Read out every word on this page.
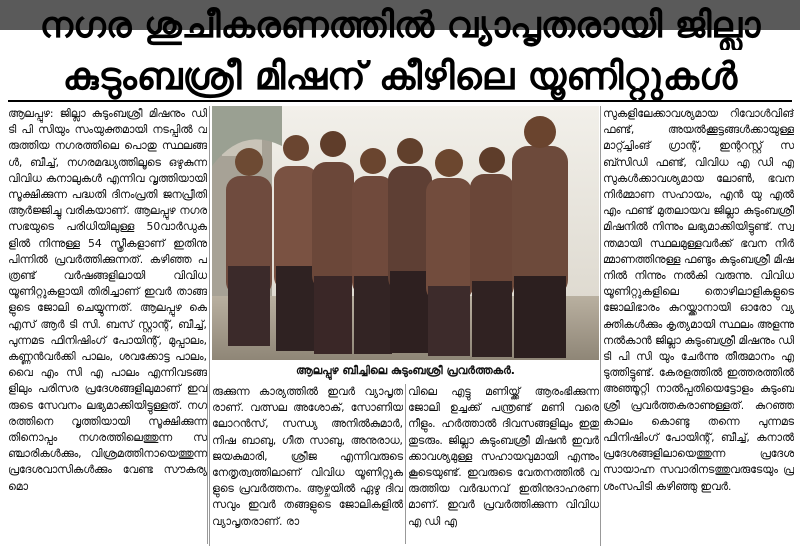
നഗര ശുചീകരണത്തിൽ വ്യാപൃതരായി ജില്ലാ
കുടുംബശ്രീ മിഷന് കീഴിലെ യൂണിറ്റുകൾ

ആലപ്പുഴ: ജില്ലാ കുടുംബശ്രീ മിഷനും ഡി ടി പി സിയും സംയുക്തമായി നടപ്പിൽ വരുത്തിയ നഗരത്തിലെ പൊതു സ്ഥലങ്ങൾ, ബീച്ച്, നഗരമദ്ധ്യത്തിലൂടെ ഒഴുകുന്ന വിവിധ കനാലുകൾ എന്നിവ വൃത്തിയായി സൂക്ഷിക്കുന്ന പദ്ധതി ദിനംപ്രതി ജനപ്രീതി ആർജ്ജിച്ചു വരികയാണ്. ആലപ്പുഴ നഗരസഭയുടെ പരിധിയിലുള്ള 50വാർഡുകളിൽ നിന്നുള്ള 54 സ്ത്രീകളാണ് ഇതിനു പിന്നിൽ പ്രവർത്തിക്കുന്നത്. കഴിഞ്ഞ പത്രണ്ട് വർഷങ്ങളിലായി വിവിധ യൂണിറ്റുകളായി തിരിച്ചാണ് ഇവർ താങ്ങളുടെ ജോലി ചെയ്യുന്നത്. ആലപ്പുഴ കെ എസ് ആർ ടി സി. ബസ് സ്റ്റാന്റ്, ബീച്ച്, പുന്നമട ഫിനിഷിംഗ് പോയിന്റ്, മുപ്പാലം, കണ്ണൻവർക്കി പാലം, ശവക്കോട്ട പാലം, വൈ എം സി എ പാലം എന്നിവടങ്ങളിലും പരിസര പ്രദേശങ്ങളിലുമാണ് ഇവരുടെ സേവനം ലഭ്യമാക്കിയിട്ടുള്ളത്. നഗരത്തിനെ വൃത്തിയായി സൂക്ഷിക്കുന്നതിനൊപ്പം നഗരത്തിലെത്തുന്ന സഞ്ചാരികൾക്കും, വിശ്രമത്തിനായെത്തുന്ന പ്രദേശവാസികൾക്കും വേണ്ട സൗകര്യമൊ

ആലപ്പുഴ ബീച്ചിലെ കുടുംബശ്രീ പ്രവർത്തകർ.

രുക്കുന്ന കാര്യത്തിൽ ഇവർ വ്യാപൃതരാണ്. വത്സല അശോക്, സോണിയ ലോറൻസ്, സന്ധ്യ അനിൽകുമാർ, നിഷ ബാബു, ഗീത സാബു, അനുരാധ, ജയകുമാരി, ശ്രീജ എന്നിവരുടെ നേതൃത്വത്തിലാണ് വിവിധ യൂണിറ്റുകളുടെ പ്രവർത്തനം. ആഴ്ചയിൽ ഏഴു ദിവസവും ഇവർ തങ്ങളുടെ ജോലികളിൽ വ്യാപൃതരാണ്. രാ

വിലെ എട്ടു മണിയ്ക്ക് ആരംഭിക്കുന്ന ജോലി ഉച്ചക്ക് പന്ത്രണ്ട് മണി വരെ നീളും. ഹർത്താൽ ദിവസങ്ങളിലും ഇതു തുടരും. ജില്ലാ കുടുംബശ്രീ മിഷൻ ഇവർക്കാവശ്യമുള്ള സഹായവുമായി എന്നും കൂടെയുണ്ട്. ഇവരുടെ വേതനത്തിൽ വരുത്തിയ വർദ്ധനവ് ഇതിനുദാഹരണമാണ്. ഇവർ പ്രവർത്തിക്കുന്ന വിവിധ എ ഡി എ

സുകളിലേക്കാവശ്യമായ റിവോൾവിങ് ഫണ്ട്, അയൽക്കൂട്ടങ്ങൾക്കായുള്ള മാറ്റ്ച്ചിംങ് ഗ്രാന്റ്, ഇന്ററസ്റ്റ് സബ്സിഡി ഫണ്ട്, വിവിധ എ ഡി എസുകൾക്കാവശ്യമായ ലോൺ, ഭവന നിർമ്മാണ സഹായം, എൻ യു എൽ എം ഫണ്ട് മുതലായവ ജില്ലാ കുടുംബശ്രീ മിഷനിൽ നിന്നും ലഭ്യമാക്കിയിട്ടുണ്ട്. സ്വന്തമായി സ്ഥലമുള്ളവർക്ക് ഭവന നിർമ്മാണത്തിനുള്ള ഫണ്ടും കുടുംബശ്രീ മിഷനിൽ നിന്നും നൽകി വരുന്നു. വിവിധ യൂണിറ്റുകളിലെ തൊഴിലാളികളുടെ ജോലിഭാരം കുറയ്ക്കാനായി ഓരോ വ്യക്തികൾക്കും കൃത്യമായി സ്ഥലം അളന്നു നൽകാൻ ജില്ലാ കുടുംബശ്രീ മിഷനും ഡി ടി പി സി യും ചേർന്നു തീരുമാനം എടുത്തിട്ടുണ്ട്. കേരളത്തിൽ ഇത്തരത്തിൽ അഞ്ഞൂറ്റി നാൽപ്പതിയെട്ടോളം കുടുംബശ്രീ പ്രവർത്തകരാണുള്ളത്. കുറഞ്ഞകാലം കൊണ്ടു തന്നെ പുന്നമട ഫിനിഷിംഗ് പോയിന്റ്, ബീച്ച്, കനാൽ പ്രദേശങ്ങളിലായെത്തുന്ന പ്രദേശ സായാഹ്ന സവാരിനടത്തുവരുടേയും പ്രശംസപിടി കഴിഞ്ഞു ഇവർ.
